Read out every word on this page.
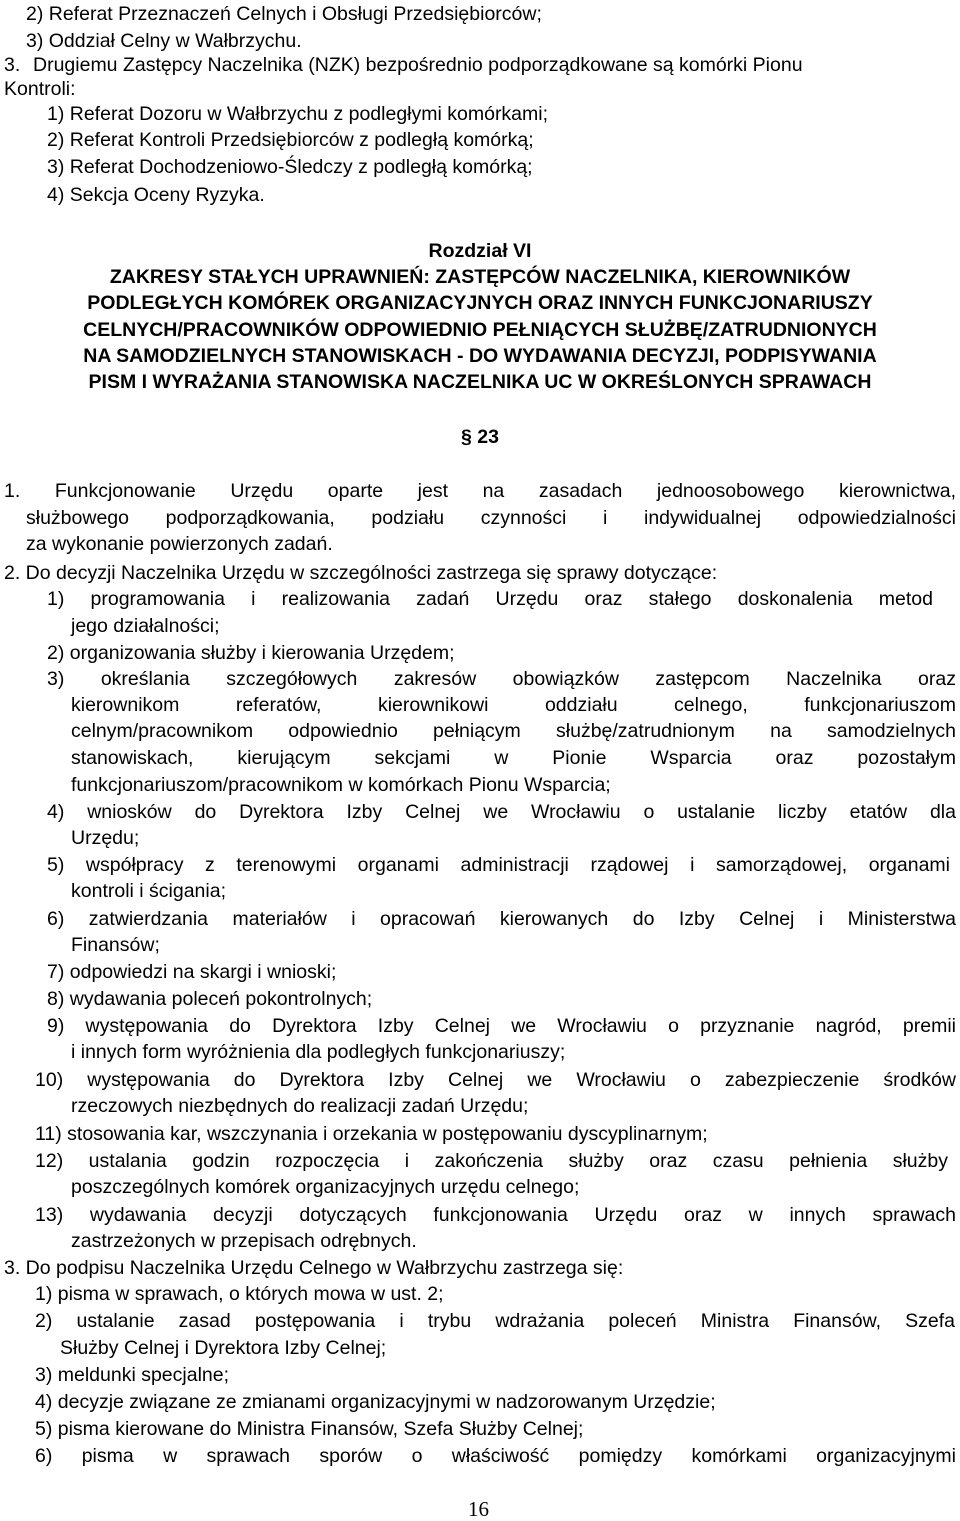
2) Referat Przeznaczeń Celnych i Obsługi Przedsiębiorców;
3) Oddział Celny w Wałbrzychu.
3. Drugiemu Zastępcy Naczelnika (NZK) bezpośrednio podporządkowane są komórki Pionu
Kontroli:
1) Referat Dozoru w Wałbrzychu z podległymi komórkami;
2) Referat Kontroli Przedsiębiorców z podległą komórką;
3) Referat Dochodzeniowo-Śledczy z podległą komórką;
4) Sekcja Oceny Ryzyka.
Rozdział VI
ZAKRESY STAŁYCH UPRAWNIEŃ: ZASTĘPCÓW NACZELNIKA, KIEROWNIKÓW
PODLEGŁYCH KOMÓREK ORGANIZACYJNYCH ORAZ INNYCH FUNKCJONARIUSZY
CELNYCH/PRACOWNIKÓW ODPOWIEDNIO PEŁNIĄCYCH SŁUŻBĘ/ZATRUDNIONYCH
NA SAMODZIELNYCH STANOWISKACH - DO WYDAWANIA DECYZJI, PODPISYWANIA
PISM I WYRAŻANIA STANOWISKA NACZELNIKA UC W OKREŚLONYCH SPRAWACH
§ 23
1. Funkcjonowanie Urzędu oparte jest na zasadach jednoosobowego kierownictwa,
służbowego podporządkowania, podziału czynności i indywidualnej odpowiedzialności
za wykonanie powierzonych zadań.
2. Do decyzji Naczelnika Urzędu w szczególności zastrzega się sprawy dotyczące:
1) programowania i realizowania zadań Urzędu oraz stałego doskonalenia metod
jego działalności;
2) organizowania służby i kierowania Urzędem;
3) określania szczegółowych zakresów obowiązków zastępcom Naczelnika oraz
kierownikom referatów, kierownikowi oddziału celnego, funkcjonariuszom
celnym/pracownikom odpowiednio pełniącym służbę/zatrudnionym na samodzielnych
stanowiskach, kierującym sekcjami w Pionie Wsparcia oraz pozostałym
funkcjonariuszom/pracownikom w komórkach Pionu Wsparcia;
4) wniosków do Dyrektora Izby Celnej we Wrocławiu o ustalanie liczby etatów dla
Urzędu;
5) współpracy z terenowymi organami administracji rządowej i samorządowej, organami
kontroli i ścigania;
6) zatwierdzania materiałów i opracowań kierowanych do Izby Celnej i Ministerstwa
Finansów;
7) odpowiedzi na skargi i wnioski;
8) wydawania poleceń pokontrolnych;
9) występowania do Dyrektora Izby Celnej we Wrocławiu o przyznanie nagród, premii
i innych form wyróżnienia dla podległych funkcjonariuszy;
10) występowania do Dyrektora Izby Celnej we Wrocławiu o zabezpieczenie środków
rzeczowych niezbędnych do realizacji zadań Urzędu;
11) stosowania kar, wszczynania i orzekania w postępowaniu dyscyplinarnym;
12) ustalania godzin rozpoczęcia i zakończenia służby oraz czasu pełnienia służby
poszczególnych komórek organizacyjnych urzędu celnego;
13) wydawania decyzji dotyczących funkcjonowania Urzędu oraz w innych sprawach
zastrzeżonych w przepisach odrębnych.
3. Do podpisu Naczelnika Urzędu Celnego w Wałbrzychu zastrzega się:
1) pisma w sprawach, o których mowa w ust. 2;
2) ustalanie zasad postępowania i trybu wdrażania poleceń Ministra Finansów, Szefa
Służby Celnej i Dyrektora Izby Celnej;
3) meldunki specjalne;
4) decyzje związane ze zmianami organizacyjnymi w nadzorowanym Urzędzie;
5) pisma kierowane do Ministra Finansów, Szefa Służby Celnej;
6) pisma w sprawach sporów o właściwość pomiędzy komórkami organizacyjnymi
16
